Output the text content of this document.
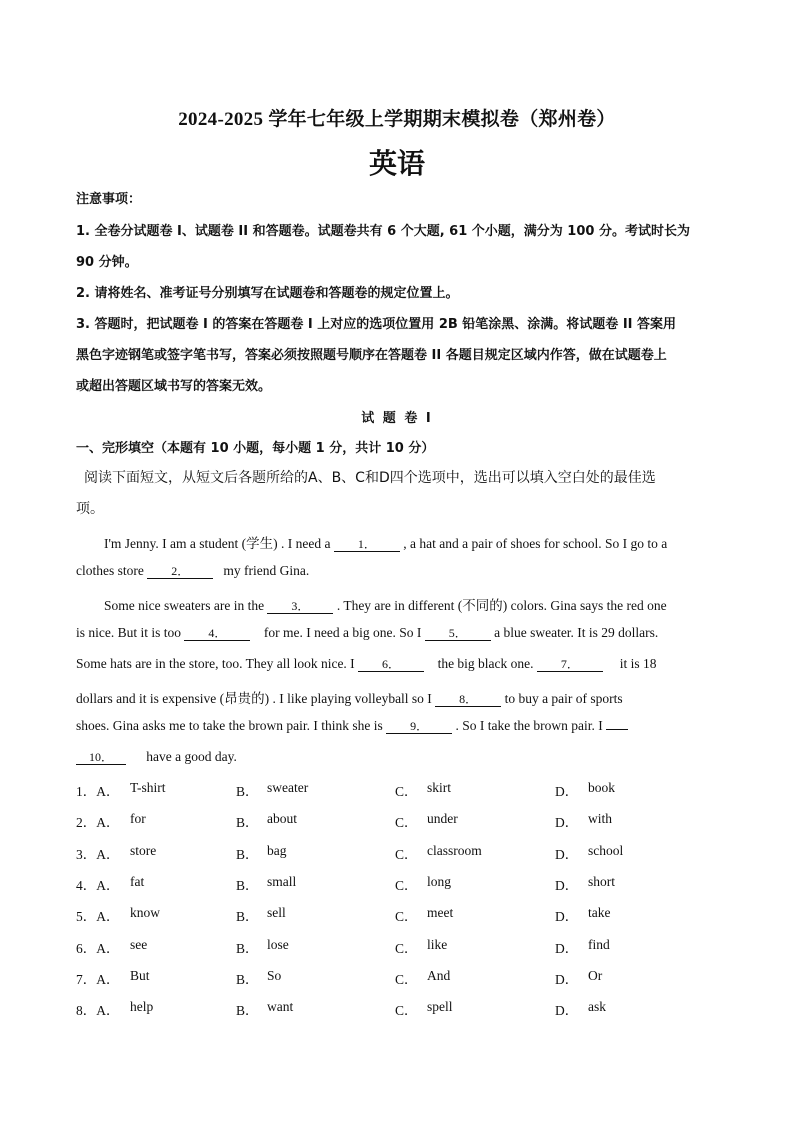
2024-2025 学年七年级上学期期末模拟卷（郑州卷）
英语
注意事项：
1. 全卷分试题卷 I、试题卷 II 和答题卷。试题卷共有 6 个大题, 61 个小题，满分为 100 分。考试时长为
90 分钟。
2. 请将姓名、准考证号分别填写在试题卷和答题卷的规定位置上。
3. 答题时，把试题卷 I 的答案在答题卷 I 上对应的选项位置用 2B 铅笔涂黑、涂满。将试题卷 II 答案用
黑色字迹钢笔或签字笔书写，答案必须按照题号顺序在答题卷 II 各题目规定区域内作答，做在试题卷上
或超出答题区域书写的答案无效。
试 题 卷 I
一、完形填空（本题有 10 小题，每小题 1 分，共计 10 分）
阅读下面短文，从短文后各题所给的A、B、C和D四个选项中，选出可以填入空白处的最佳选
项。
I'm Jenny. I am a student (学生) . I need a 1． , a hat and a pair of shoes for school. So I go to a
clothes store 2．   my friend Gina.
Some nice sweaters are in the 3． . They are in different (不同的) colors. Gina says the red one
is nice. But it is too 4．	for me. I need a big one. So I 5． a blue sweater. It is 29 dollars.
Some hats are in the store, too. They all look nice. I 6．	the big black one. 7．	it is 18
dollars and it is expensive (昂贵的) . I like playing volleyball so I 8． to buy a pair of sports
shoes. Gina asks me to take the brown pair. I think she is 9． . So I take the brown pair. I
10． have a good day.
1．A． T-shirt	B． sweater	C． skirt	D． book
2．A． for	B． about	C． under	D． with
3．A． store	B． bag	C． classroom	D． school
4．A． fat	B． small	C． long	D． short
5．A． know	B． sell	C． meet	D． take
6．A． see	B． lose	C． like	D． find
7．A． But	B． So	C． And	D． Or
8．A． help	B． want	C． spell	D． ask
